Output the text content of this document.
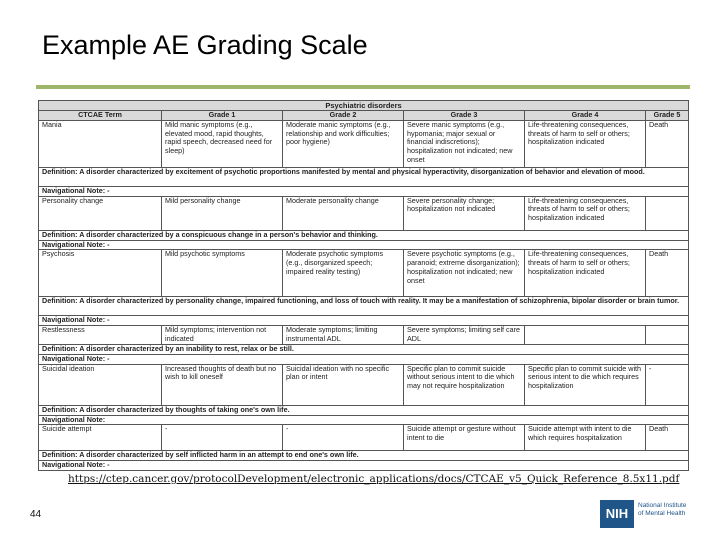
Example AE Grading Scale
Psychiatric disorders					
CTCAE Term	Grade 1	Grade 2	Grade 3	Grade 4	Grade 5
Mania	Mild manic symptoms (e.g., elevated mood, rapid thoughts, rapid speech, decreased need for sleep)	Moderate manic symptoms (e.g., relationship and work difficulties; poor hygiene)	Severe manic symptoms (e.g., hypomania; major sexual or financial indiscretions); hospitalization not indicated; new onset	Life-threatening consequences, threats of harm to self or others; hospitalization indicated	Death
Definition: A disorder characterized by excitement of psychotic proportions manifested by mental and physical hyperactivity, disorganization of behavior and elevation of mood.					
Navigational Note: -					
Personality change	Mild personality change	Moderate personality change	Severe personality change; hospitalization not indicated	Life-threatening consequences, threats of harm to self or others; hospitalization indicated	
Definition: A disorder characterized by a conspicuous change in a person's behavior and thinking.					
Navigational Note: -					
Psychosis	Mild psychotic symptoms	Moderate psychotic symptoms (e.g., disorganized speech; impaired reality testing)	Severe psychotic symptoms (e.g., paranoid; extreme disorganization); hospitalization not indicated; new onset	Life-threatening consequences, threats of harm to self or others; hospitalization indicated	Death
Definition: A disorder characterized by personality change, impaired functioning, and loss of touch with reality. It may be a manifestation of schizophrenia, bipolar disorder or brain tumor.					
Navigational Note: -					
Restlessness	Mild symptoms; intervention not indicated	Moderate symptoms; limiting instrumental ADL	Severe symptoms; limiting self care ADL		
Definition: A disorder characterized by an inability to rest, relax or be still.					
Navigational Note: -					
Suicidal ideation	Increased thoughts of death but no wish to kill oneself	Suicidal ideation with no specific plan or intent	Specific plan to commit suicide without serious intent to die which may not require hospitalization	Specific plan to commit suicide with serious intent to die which requires hospitalization	-
Definition: A disorder characterized by thoughts of taking one's own life.					
Navigational Note:					
Suicide attempt	-	-	Suicide attempt or gesture without intent to die	Suicide attempt with intent to die which requires hospitalization	Death
Definition: A disorder characterized by self inflicted harm in an attempt to end one's own life.					
Navigational Note: -					
https://ctep.cancer.gov/protocolDevelopment/electronic_applications/docs/CTCAE_v5_Quick_Reference_8.5x11.pdf
44	NIH
National Institute
of Mental Health
